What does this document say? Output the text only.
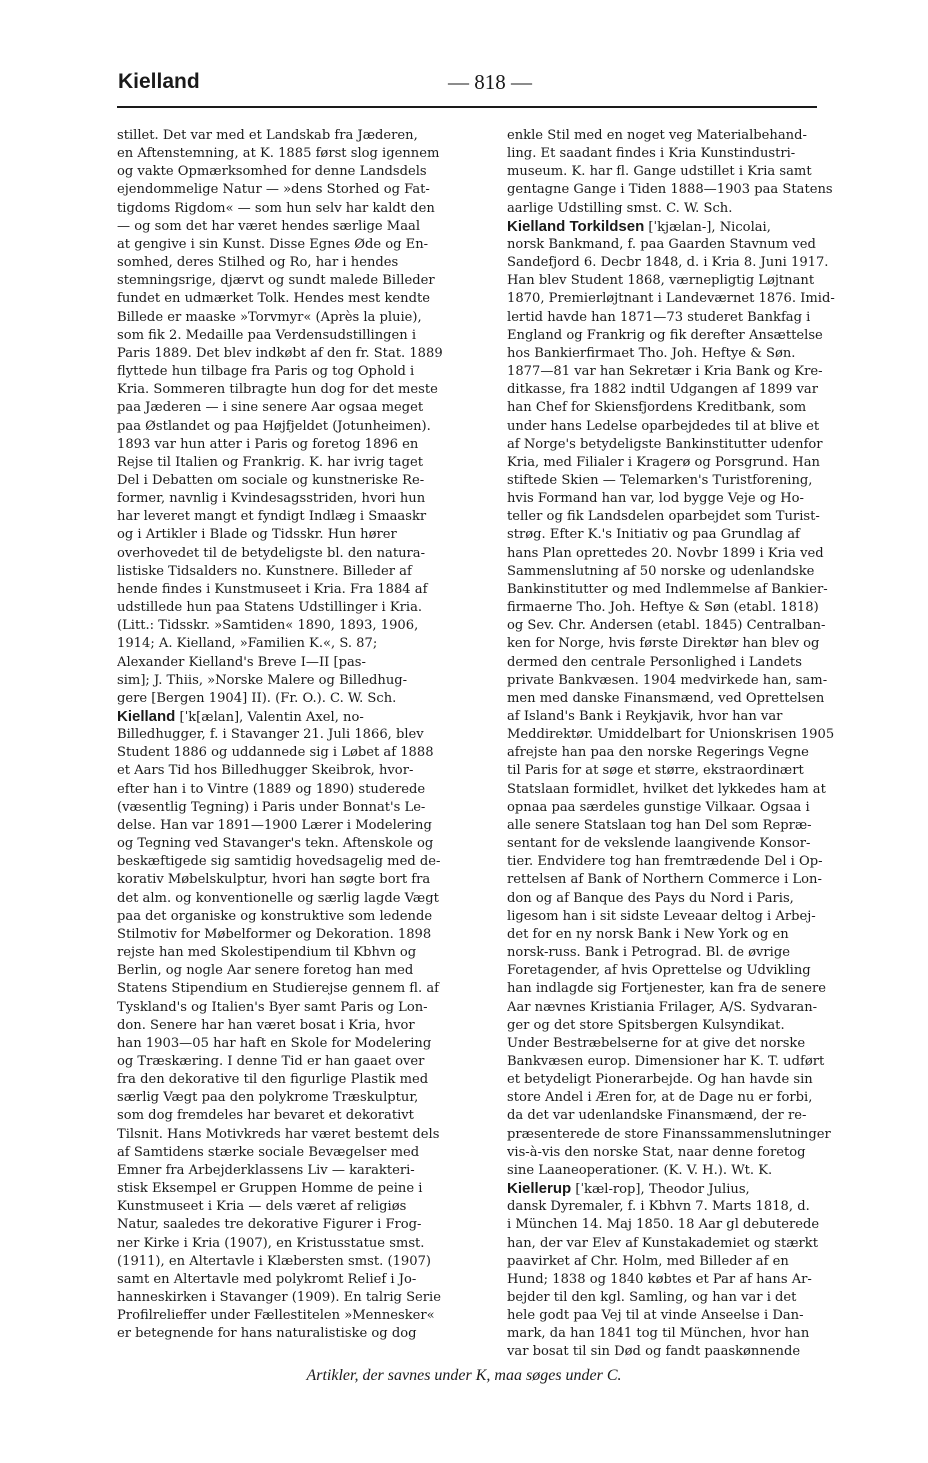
Kielland	— 818 —
stillet. Det var med et Landskab fra Jæderen,
en Aftenstemning, at K. 1885 først slog igennem
og vakte Opmærksomhed for denne Landsdels
ejendommelige Natur — »dens Storhed og Fat-
tigdoms Rigdom« — som hun selv har kaldt den
— og som det har været hendes særlige Maal
at gengive i sin Kunst. Disse Egnes Øde og En-
somhed, deres Stilhed og Ro, har i hendes
stemningsrige, djærvt og sundt malede Billeder
fundet en udmærket Tolk. Hendes mest kendte
Billede er maaske »Torvmyr« (Après la pluie),
som fik 2. Medaille paa Verdensudstillingen i
Paris 1889. Det blev indkøbt af den fr. Stat. 1889
flyttede hun tilbage fra Paris og tog Ophold i
Kria. Sommeren tilbragte hun dog for det meste
paa Jæderen — i sine senere Aar ogsaa meget
paa Østlandet og paa Højfjeldet (Jotunheimen).
1893 var hun atter i Paris og foretog 1896 en
Rejse til Italien og Frankrig. K. har ivrig taget
Del i Debatten om sociale og kunstneriske Re-
former, navnlig i Kvindesagsstriden, hvori hun
har leveret mangt et fyndigt Indlæg i Smaaskr
og i Artikler i Blade og Tidsskr. Hun hører
overhovedet til de betydeligste bl. den natura-
listiske Tidsalders no. Kunstnere. Billeder af
hende findes i Kunstmuseet i Kria. Fra 1884 af
udstillede hun paa Statens Udstillinger i Kria.
(Litt.: Tidsskr. »Samtiden« 1890, 1893, 1906,
1914; A. Kielland, »Familien K.«, S. 87;
Alexander Kielland's Breve I—II [pas-
sim]; J. Thiis, »Norske Malere og Billedhug-
gere [Bergen 1904] II). (Fr. O.). C. W. Sch.
Kielland [ˈk[ælan], Valentin Axel, no-
Billedhugger, f. i Stavanger 21. Juli 1866, blev
Student 1886 og uddannede sig i Løbet af 1888
et Aars Tid hos Billedhugger Skeibrok, hvor-
efter han i to Vintre (1889 og 1890) studerede
(væsentlig Tegning) i Paris under Bonnat's Le-
delse. Han var 1891—1900 Lærer i Modelering
og Tegning ved Stavanger's tekn. Aftenskole og
beskæftigede sig samtidig hovedsagelig med de-
korativ Møbelskulptur, hvori han søgte bort fra
det alm. og konventionelle og særlig lagde Vægt
paa det organiske og konstruktive som ledende
Stilmotiv for Møbelformer og Dekoration. 1898
rejste han med Skolestipendium til Kbhvn og
Berlin, og nogle Aar senere foretog han med
Statens Stipendium en Studierejse gennem fl. af
Tyskland's og Italien's Byer samt Paris og Lon-
don. Senere har han været bosat i Kria, hvor
han 1903—05 har haft en Skole for Modelering
og Træskæring. I denne Tid er han gaaet over
fra den dekorative til den figurlige Plastik med
særlig Vægt paa den polykrome Træskulptur,
som dog fremdeles har bevaret et dekorativt
Tilsnit. Hans Motivkreds har været bestemt dels
af Samtidens stærke sociale Bevægelser med
Emner fra Arbejderklassens Liv — karakteri-
stisk Eksempel er Gruppen Homme de peine i
Kunstmuseet i Kria — dels været af religiøs
Natur, saaledes tre dekorative Figurer i Frog-
ner Kirke i Kria (1907), en Kristusstatue smst.
(1911), en Altertavle i Klæbersten smst. (1907)
samt en Altertavle med polykromt Relief i Jo-
hanneskirken i Stavanger (1909). En talrig Serie
Profilrelieffer under Fællestitelen »Mennesker«
er betegnende for hans naturalistiske og dog
enkle Stil med en noget veg Materialbehand-
ling. Et saadant findes i Kria Kunstindustri-
museum. K. har fl. Gange udstillet i Kria samt
gentagne Gange i Tiden 1888—1903 paa Statens
aarlige Udstilling smst. C. W. Sch.
Kielland Torkildsen [ˈkjælan-], Nicolai,
norsk Bankmand, f. paa Gaarden Stavnum ved
Sandefjord 6. Decbr 1848, d. i Kria 8. Juni 1917.
Han blev Student 1868, værnepligtig Løjtnant
1870, Premierløjtnant i Landeværnet 1876. Imid-
lertid havde han 1871—73 studeret Bankfag i
England og Frankrig og fik derefter Ansættelse
hos Bankierfirmaet Tho. Joh. Heftye & Søn.
1877—81 var han Sekretær i Kria Bank og Kre-
ditkasse, fra 1882 indtil Udgangen af 1899 var
han Chef for Skiensfjordens Kreditbank, som
under hans Ledelse oparbejdedes til at blive et
af Norge's betydeligste Bankinstitutter udenfor
Kria, med Filialer i Kragerø og Porsgrund. Han
stiftede Skien — Telemarken's Turistforening,
hvis Formand han var, lod bygge Veje og Ho-
teller og fik Landsdelen oparbejdet som Turist-
strøg. Efter K.'s Initiativ og paa Grundlag af
hans Plan oprettedes 20. Novbr 1899 i Kria ved
Sammenslutning af 50 norske og udenlandske
Bankinstitutter og med Indlemmelse af Bankier-
firmaerne Tho. Joh. Heftye & Søn (etabl. 1818)
og Sev. Chr. Andersen (etabl. 1845) Centralban-
ken for Norge, hvis første Direktør han blev og
dermed den centrale Personlighed i Landets
private Bankvæsen. 1904 medvirkede han, sam-
men med danske Finansmænd, ved Oprettelsen
af Island's Bank i Reykjavik, hvor han var
Meddirektør. Umiddelbart for Unionskrisen 1905
afrejste han paa den norske Regerings Vegne
til Paris for at søge et større, ekstraordinært
Statslaan formidlet, hvilket det lykkedes ham at
opnaa paa særdeles gunstige Vilkaar. Ogsaa i
alle senere Statslaan tog han Del som Repræ-
sentant for de vekslende laangivende Konsor-
tier. Endvidere tog han fremtrædende Del i Op-
rettelsen af Bank of Northern Commerce i Lon-
don og af Banque des Pays du Nord i Paris,
ligesom han i sit sidste Leveaar deltog i Arbej-
det for en ny norsk Bank i New York og en
norsk-russ. Bank i Petrograd. Bl. de øvrige
Foretagender, af hvis Oprettelse og Udvikling
han indlagde sig Fortjenester, kan fra de senere
Aar nævnes Kristiania Frilager, A/S. Sydvaran-
ger og det store Spitsbergen Kulsyndikat.
Under Bestræbelserne for at give det norske
Bankvæsen europ. Dimensioner har K. T. udført
et betydeligt Pionerarbejde. Og han havde sin
store Andel i Æren for, at de Dage nu er forbi,
da det var udenlandske Finansmænd, der re-
præsenterede de store Finanssammenslutninger
vis-à-vis den norske Stat, naar denne foretog
sine Laaneoperationer. (K. V. H.). Wt. K.
Kiellerup [ˈkæl-rop], Theodor Julius,
dansk Dyremaler, f. i Kbhvn 7. Marts 1818, d.
i München 14. Maj 1850. 18 Aar gl debuterede
han, der var Elev af Kunstakademiet og stærkt
paavirket af Chr. Holm, med Billeder af en
Hund; 1838 og 1840 købtes et Par af hans Ar-
bejder til den kgl. Samling, og han var i det
hele godt paa Vej til at vinde Anseelse i Dan-
mark, da han 1841 tog til München, hvor han
var bosat til sin Død og fandt paaskønnende
Artikler, der savnes under K, maa søges under C.
